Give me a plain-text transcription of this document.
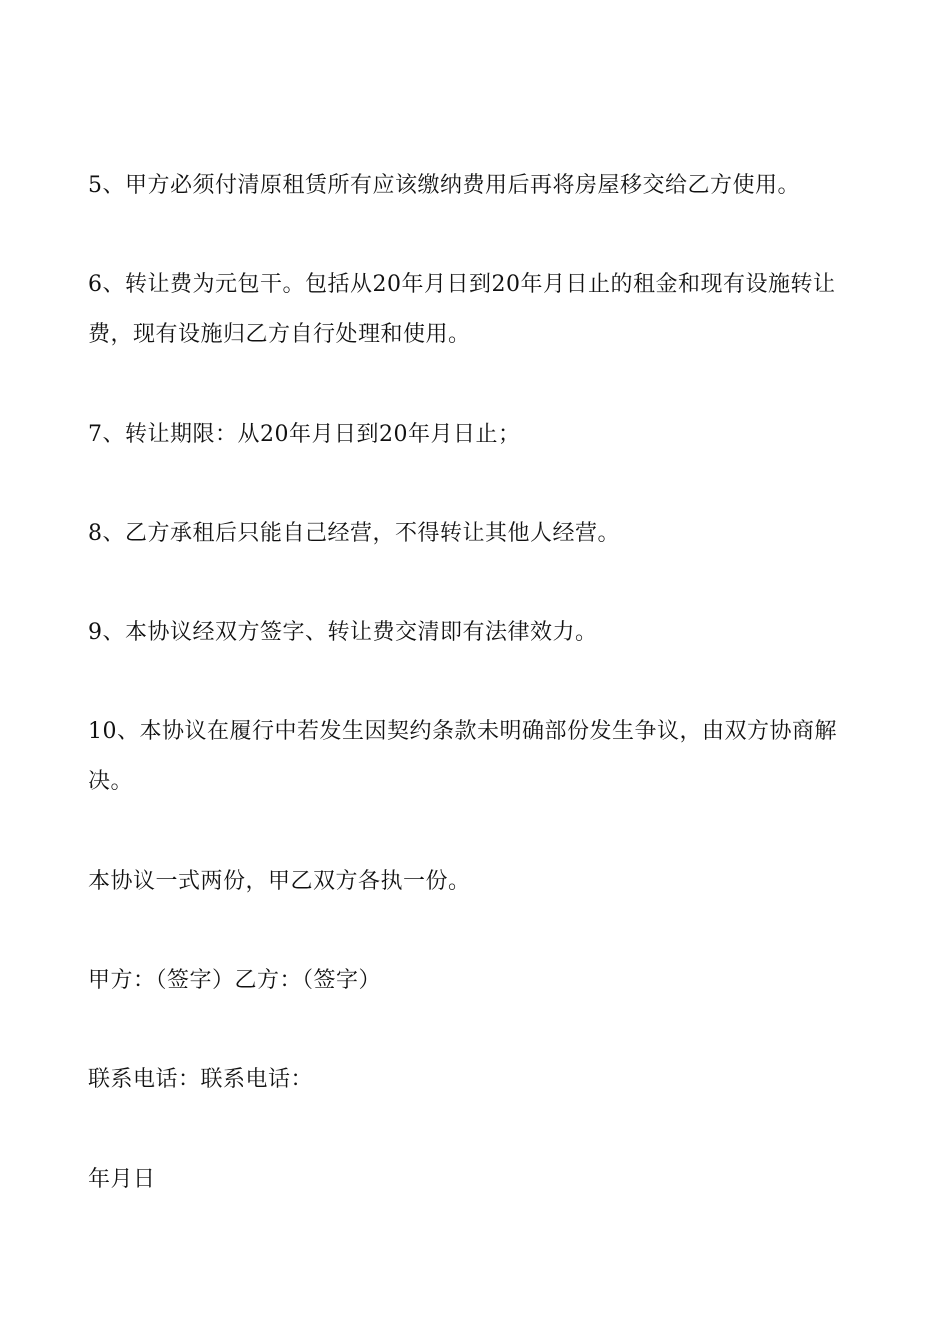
5、甲方必须付清原租赁所有应该缴纳费用后再将房屋移交给乙方使用。

6、转让费为元包干。包括从20年月日到20年月日止的租金和现有设施转让费，现有设施归乙方自行处理和使用。

7、转让期限：从20年月日到20年月日止；

8、乙方承租后只能自己经营，不得转让其他人经营。

9、本协议经双方签字、转让费交清即有法律效力。

10、本协议在履行中若发生因契约条款未明确部份发生争议，由双方协商解决。

本协议一式两份，甲乙双方各执一份。

甲方：（签字）乙方：（签字）

联系电话：联系电话：

年月日
